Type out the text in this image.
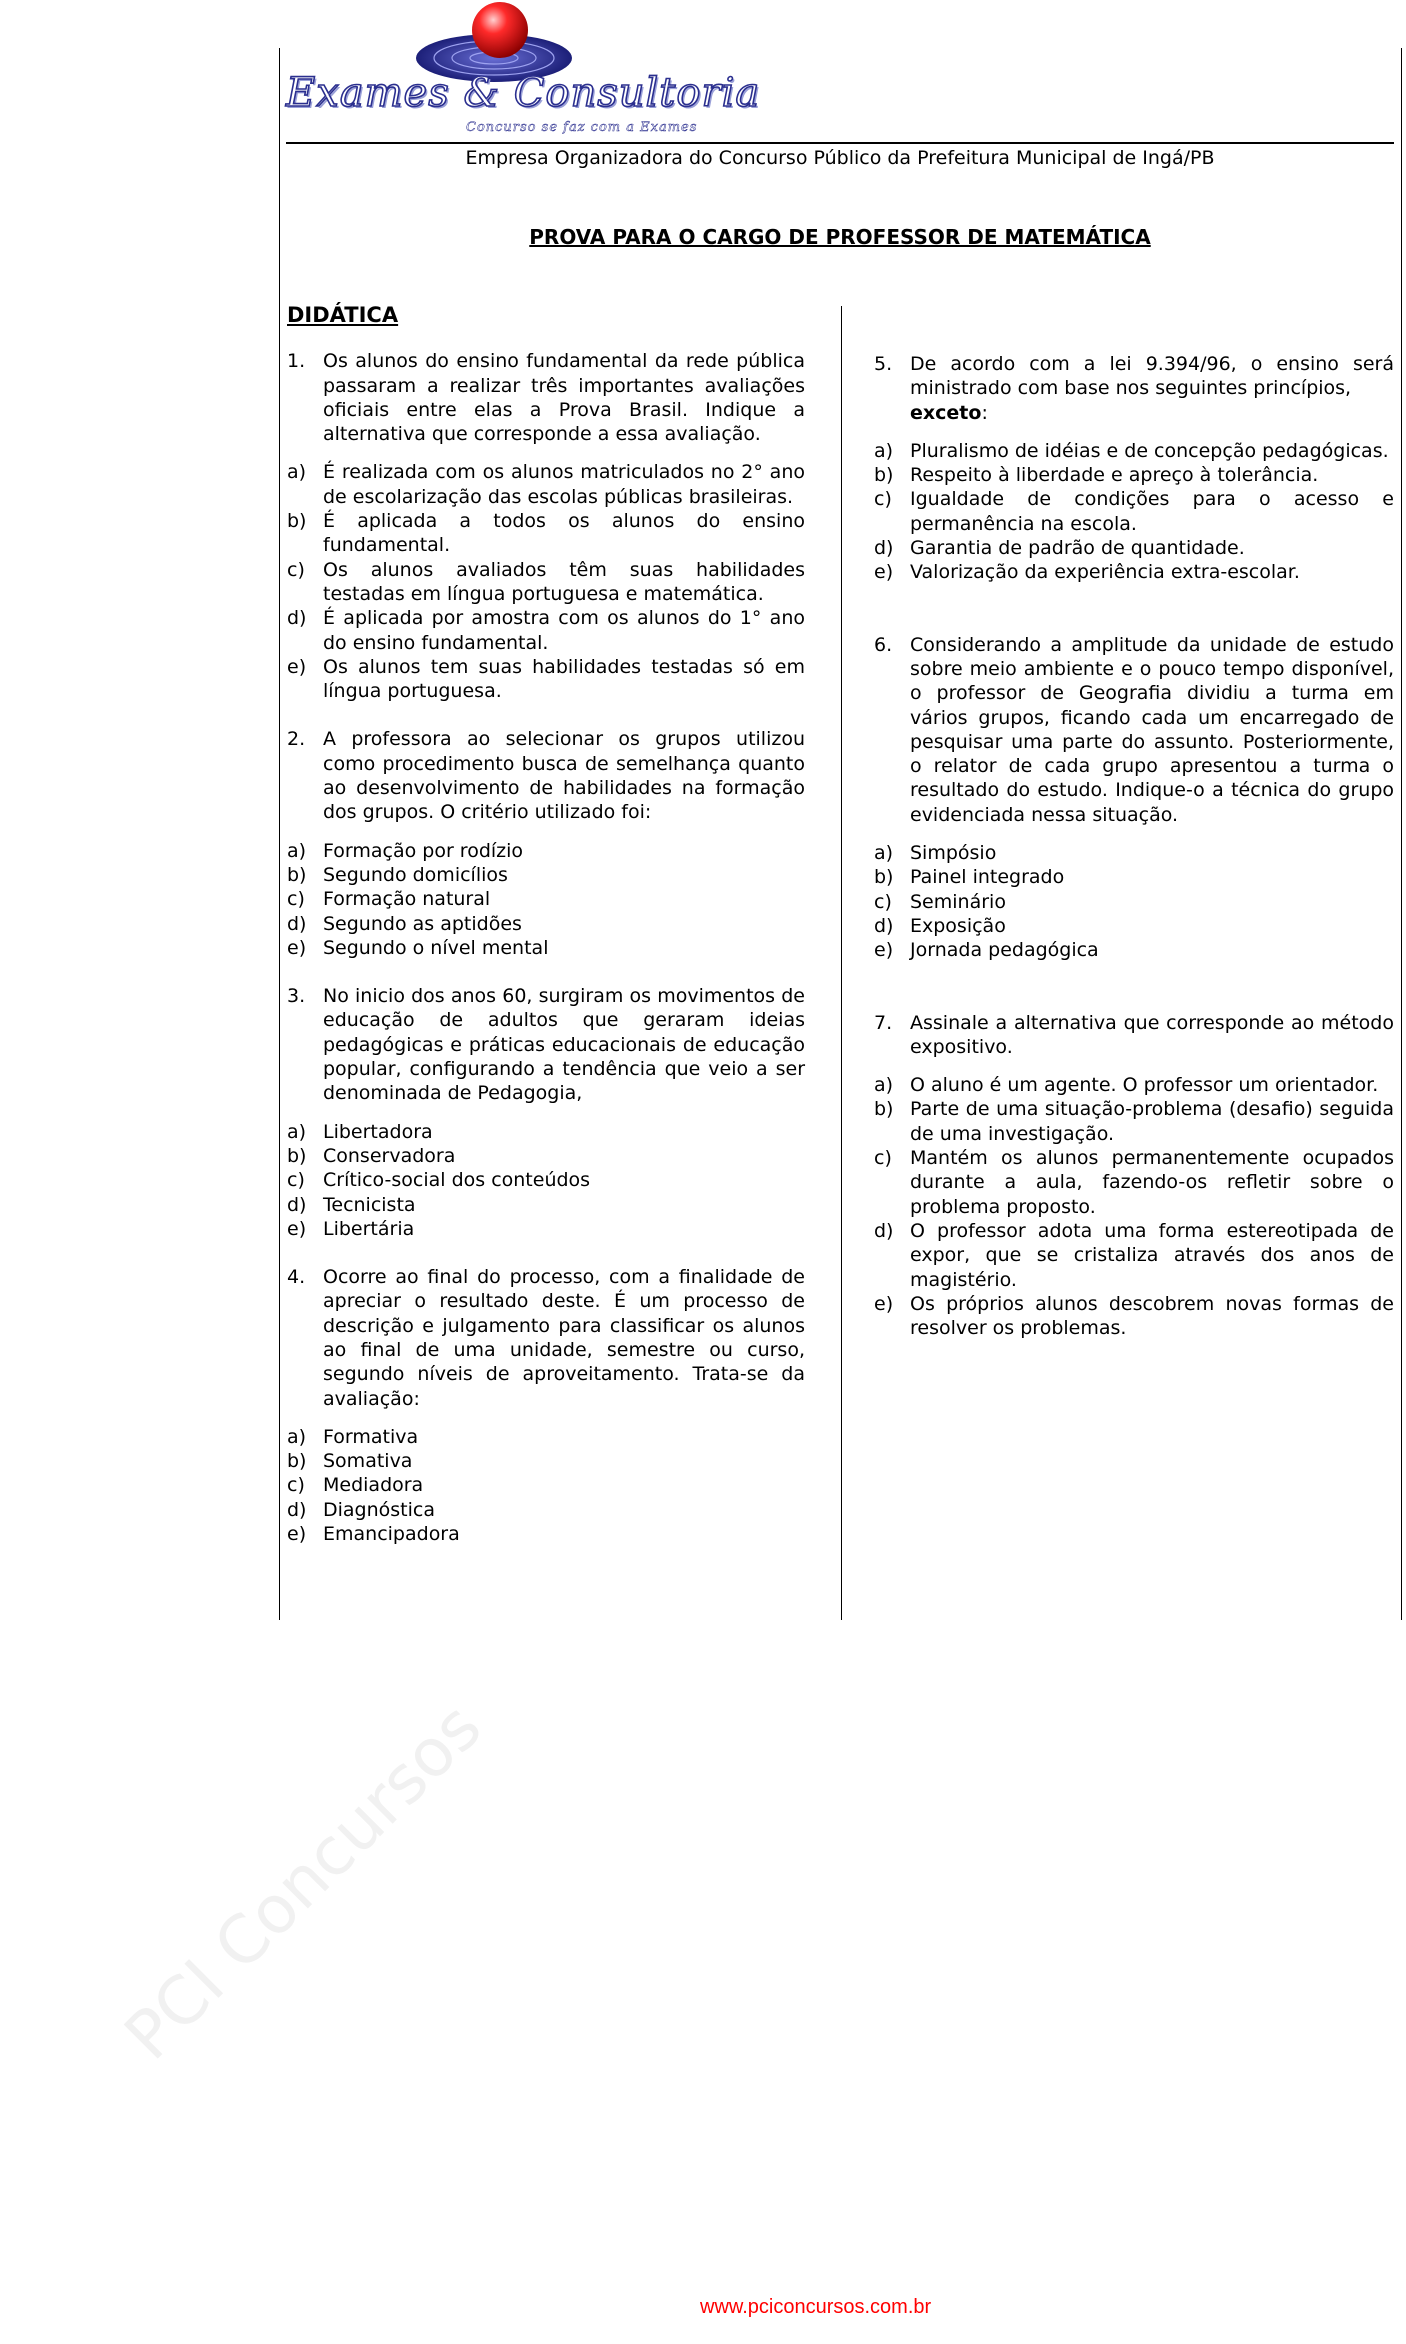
Exames & Consultoria
Concurso se faz com a Exames
Empresa Organizadora do Concurso Público da Prefeitura Municipal de Ingá/PB
PROVA PARA O CARGO DE PROFESSOR DE MATEMÁTICA
DIDÁTICA
1. Os alunos do ensino fundamental da rede pública passaram a realizar três importantes avaliações oficiais entre elas a Prova Brasil. Indique a alternativa que corresponde a essa avaliação.
a) É realizada com os alunos matriculados no 2° ano de escolarização das escolas públicas brasileiras.
b) É aplicada a todos os alunos do ensino fundamental.
c) Os alunos avaliados têm suas habilidades testadas em língua portuguesa e matemática.
d) É aplicada por amostra com os alunos do 1° ano do ensino fundamental.
e) Os alunos tem suas habilidades testadas só em língua portuguesa.
2. A professora ao selecionar os grupos utilizou como procedimento busca de semelhança quanto ao desenvolvimento de habilidades na formação dos grupos. O critério utilizado foi:
a) Formação por rodízio
b) Segundo domicílios
c) Formação natural
d) Segundo as aptidões
e) Segundo o nível mental
3. No inicio dos anos 60, surgiram os movimentos de educação de adultos que geraram ideias pedagógicas e práticas educacionais de educação popular, configurando a tendência que veio a ser denominada de Pedagogia,
a) Libertadora
b) Conservadora
c) Crítico-social dos conteúdos
d) Tecnicista
e) Libertária
4. Ocorre ao final do processo, com a finalidade de apreciar o resultado deste. É um processo de descrição e julgamento para classificar os alunos ao final de uma unidade, semestre ou curso, segundo níveis de aproveitamento. Trata-se da avaliação:
a) Formativa
b) Somativa
c) Mediadora
d) Diagnóstica
e) Emancipadora
5. De acordo com a lei 9.394/96, o ensino será ministrado com base nos seguintes princípios,
exceto:
a) Pluralismo de idéias e de concepção pedagógicas.
b) Respeito à liberdade e apreço à tolerância.
c) Igualdade de condições para o acesso e permanência na escola.
d) Garantia de padrão de quantidade.
e) Valorização da experiência extra-escolar.
6. Considerando a amplitude da unidade de estudo sobre meio ambiente e o pouco tempo disponível, o professor de Geografia dividiu a turma em vários grupos, ficando cada um encarregado de pesquisar uma parte do assunto. Posteriormente, o relator de cada grupo apresentou a turma o resultado do estudo. Indique-o a técnica do grupo evidenciada nessa situação.
a) Simpósio
b) Painel integrado
c) Seminário
d) Exposição
e) Jornada pedagógica
7. Assinale a alternativa que corresponde ao método expositivo.
a) O aluno é um agente. O professor um orientador.
b) Parte de uma situação-problema (desafio) seguida de uma investigação.
c) Mantém os alunos permanentemente ocupados durante a aula, fazendo-os refletir sobre o problema proposto.
d) O professor adota uma forma estereotipada de expor, que se cristaliza através dos anos de magistério.
e) Os próprios alunos descobrem novas formas de resolver os problemas.
PCI Concursos
www.pciconcursos.com.br
